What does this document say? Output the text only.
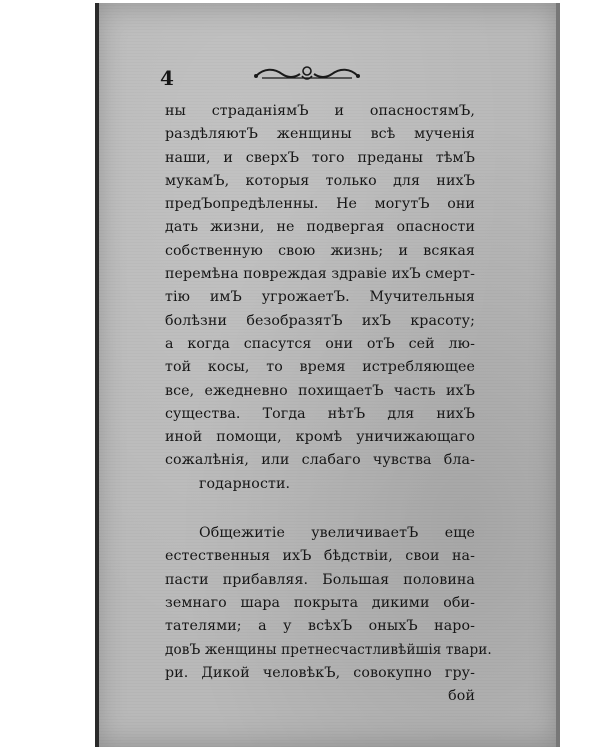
4
ны страданіямЪ и опасностямЪ,
раздѣляютЪ женщины всѣ мученія
наши, и сверхЪ того преданы тѣмЪ
мукамЪ, которыя только для нихЪ
предЪопредѣленны. Не могутЪ они
дать жизни, не подвергая опасности
собственную свою жизнь; и всякая
перемѣна повреждая здравіе ихЪ смерт-
тію имЪ угрожаетЪ. Мучительныя
болѣзни безобразятЪ ихЪ красоту;
а когда спасутся они отЪ сей лю-
той косы, то время истребляющее
все, ежедневно похищаетЪ часть ихЪ
существа. Тогда нѣтЪ для нихЪ
иной помощи, кромѣ уничижающаго
сожалѣнія, или слабаго чувства бла-
годарности.
Общежитіе увеличиваетЪ еще
естественныя ихЪ бѣдствіи, свои на-
пасти прибавляя. Большая половина
земнаго шара покрыта дикими оби-
тателями; а у всѣхЪ оныхЪ наро-
довЪ женщины претнесчастливѣйшія твари.
ри. Дикой человѣкЪ, совокупно гру-
бой
